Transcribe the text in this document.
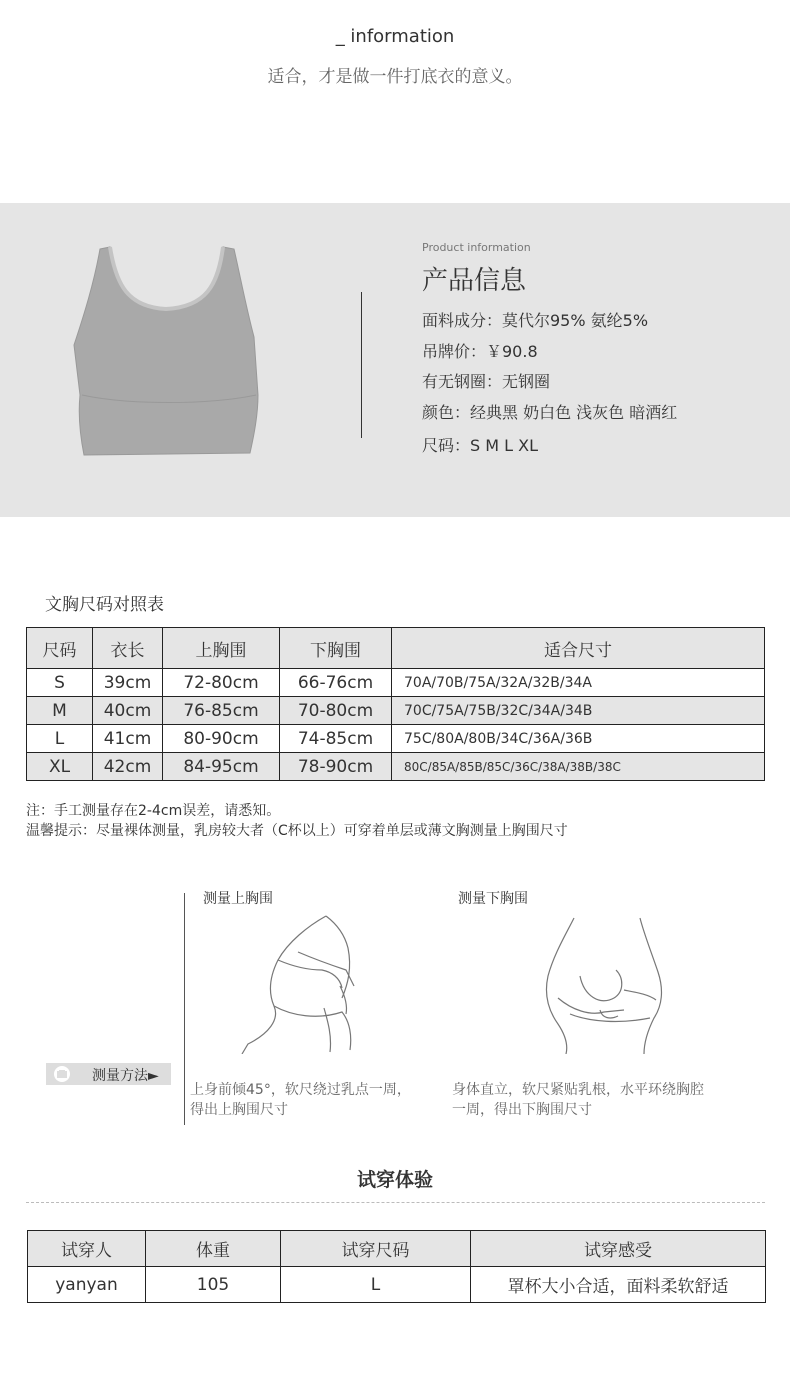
_ information
适合，才是做一件打底衣的意义。
Product information
产品信息
面料成分：莫代尔95% 氨纶5%
吊牌价：￥90.8
有无钢圈：无钢圈
颜色：经典黑 奶白色 浅灰色 暗酒红
尺码：S M L XL
文胸尺码对照表
尺码	衣长	上胸围	下胸围	适合尺寸
S	39cm	72-80cm	66-76cm	70A/70B/75A/32A/32B/34A
M	40cm	76-85cm	70-80cm	70C/75A/75B/32C/34A/34B
L	41cm	80-90cm	74-85cm	75C/80A/80B/34C/36A/36B
XL	42cm	84-95cm	78-90cm	80C/85A/85B/85C/36C/38A/38B/38C
注：手工测量存在2-4cm误差，请悉知。
温馨提示：尽量裸体测量，乳房较大者（C杯以上）可穿着单层或薄文胸测量上胸围尺寸
测量上胸围
上身前倾45°，软尺绕过乳点一周，
得出上胸围尺寸
测量下胸围
身体直立，软尺紧贴乳根，水平环绕胸腔
一周，得出下胸围尺寸
测量方法►
试穿体验
试穿人	体重	试穿尺码	试穿感受
yanyan	105	L	罩杯大小合适，面料柔软舒适
